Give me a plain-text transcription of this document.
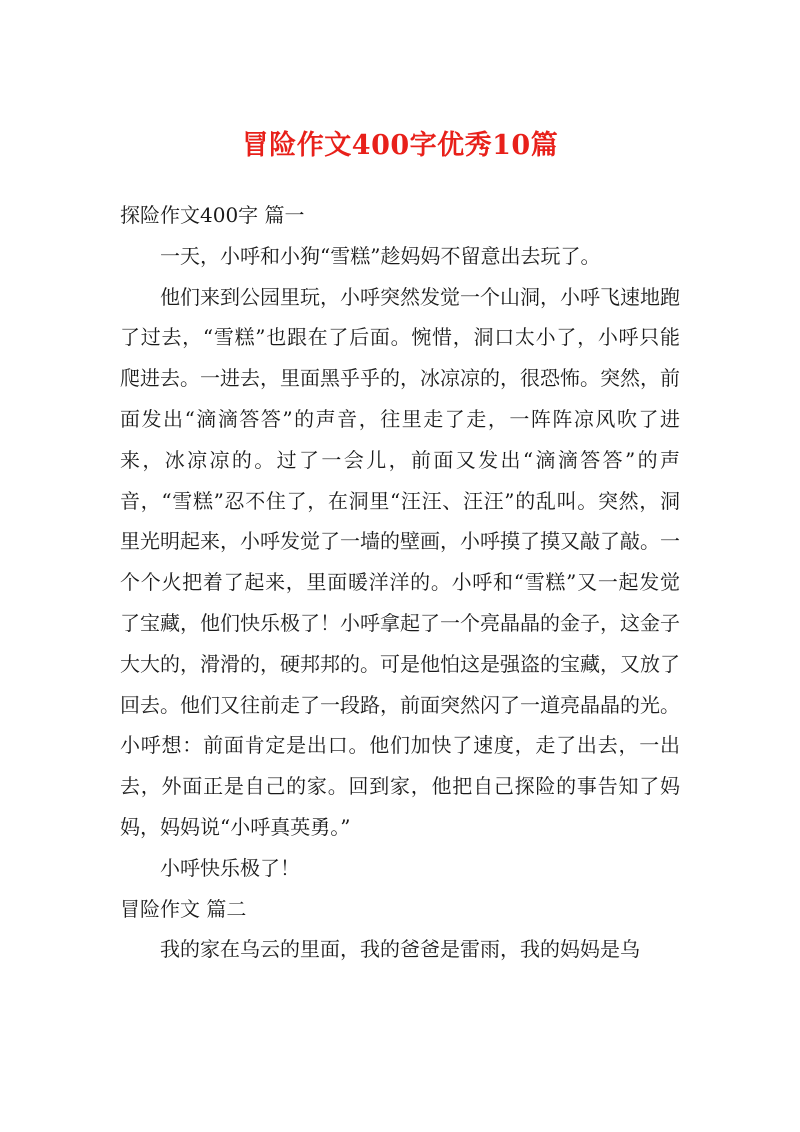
冒险作文400字优秀10篇

探险作文400字 篇一

一天，小呼和小狗“雪糕”趁妈妈不留意出去玩了。

他们来到公园里玩，小呼突然发觉一个山洞，小呼飞速地跑了过去，“雪糕”也跟在了后面。惋惜，洞口太小了，小呼只能爬进去。一进去，里面黑乎乎的，冰凉凉的，很恐怖。突然，前面发出“滴滴答答”的声音，往里走了走，一阵阵凉风吹了进来，冰凉凉的。过了一会儿，前面又发出“滴滴答答”的声音，“雪糕”忍不住了，在洞里“汪汪、汪汪”的乱叫。突然，洞里光明起来，小呼发觉了一墙的壁画，小呼摸了摸又敲了敲。一个个火把着了起来，里面暖洋洋的。小呼和“雪糕”又一起发觉了宝藏，他们快乐极了！小呼拿起了一个亮晶晶的金子，这金子大大的，滑滑的，硬邦邦的。可是他怕这是强盗的宝藏，又放了回去。他们又往前走了一段路，前面突然闪了一道亮晶晶的光。小呼想：前面肯定是出口。他们加快了速度，走了出去，一出去，外面正是自己的家。回到家，他把自己探险的事告知了妈妈，妈妈说“小呼真英勇。”

小呼快乐极了！

冒险作文 篇二

我的家在乌云的里面，我的爸爸是雷雨，我的妈妈是乌
